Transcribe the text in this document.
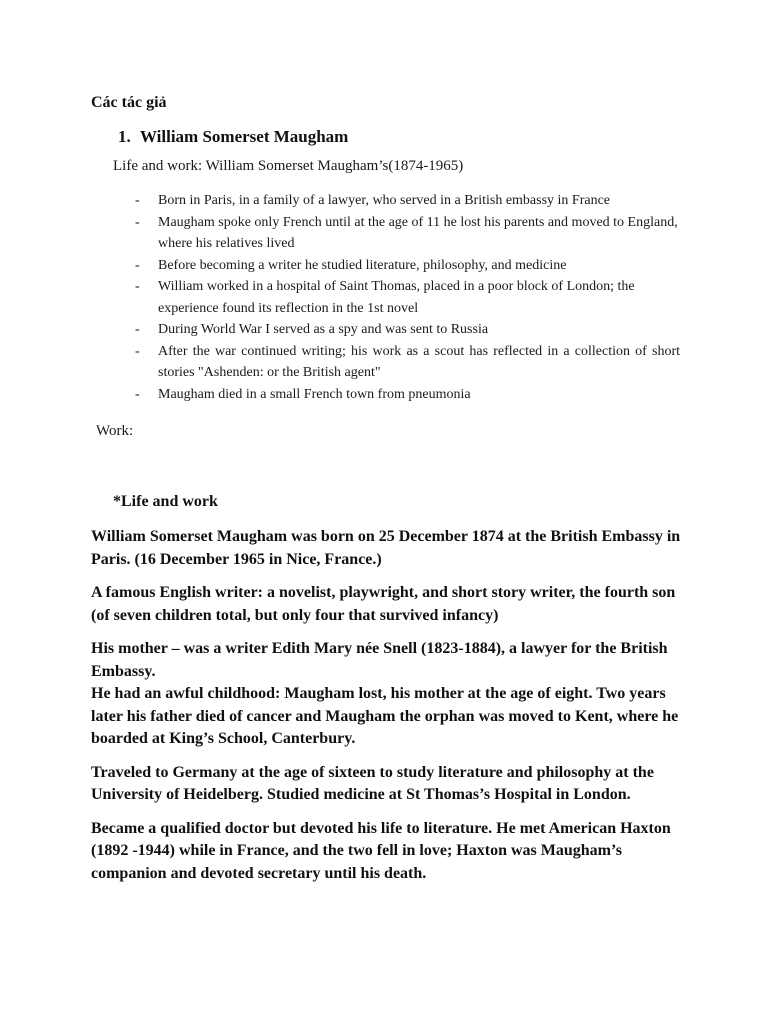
Các tác giả
1. William Somerset Maugham
Life and work: William Somerset Maugham’s(1874-1965)
- Born in Paris, in a family of a lawyer, who served in a British embassy in France
- Maugham spoke only French until at the age of 11 he lost his parents and moved to England, where his relatives lived
- Before becoming a writer he studied literature, philosophy, and medicine
- William worked in a hospital of Saint Thomas, placed in a poor block of London; the experience found its reflection in the 1st novel
- During World War I served as a spy and was sent to Russia
- After the war continued writing; his work as a scout has reflected in a collection of short stories "Ashenden: or the British agent"
- Maugham died in a small French town from pneumonia
Work:
*Life and work

William Somerset Maugham was born on 25 December 1874 at the British Embassy in Paris. (16 December 1965 in Nice, France.)

A famous English writer: a novelist, playwright, and short story writer, the fourth son (of seven children total, but only four that survived infancy)

His mother – was a writer Edith Mary née Snell (1823-1884), a lawyer for the British Embassy.

He had an awful childhood: Maugham lost, his mother at the age of eight. Two years later his father died of cancer and Maugham the orphan was moved to Kent, where he boarded at King’s School, Canterbury.

Traveled to Germany at the age of sixteen to study literature and philosophy at the University of Heidelberg. Studied medicine at St Thomas’s Hospital in London.

Became a qualified doctor but devoted his life to literature. He met American Haxton (1892 -1944) while in France, and the two fell in love; Haxton was Maugham’s companion and devoted secretary until his death.
